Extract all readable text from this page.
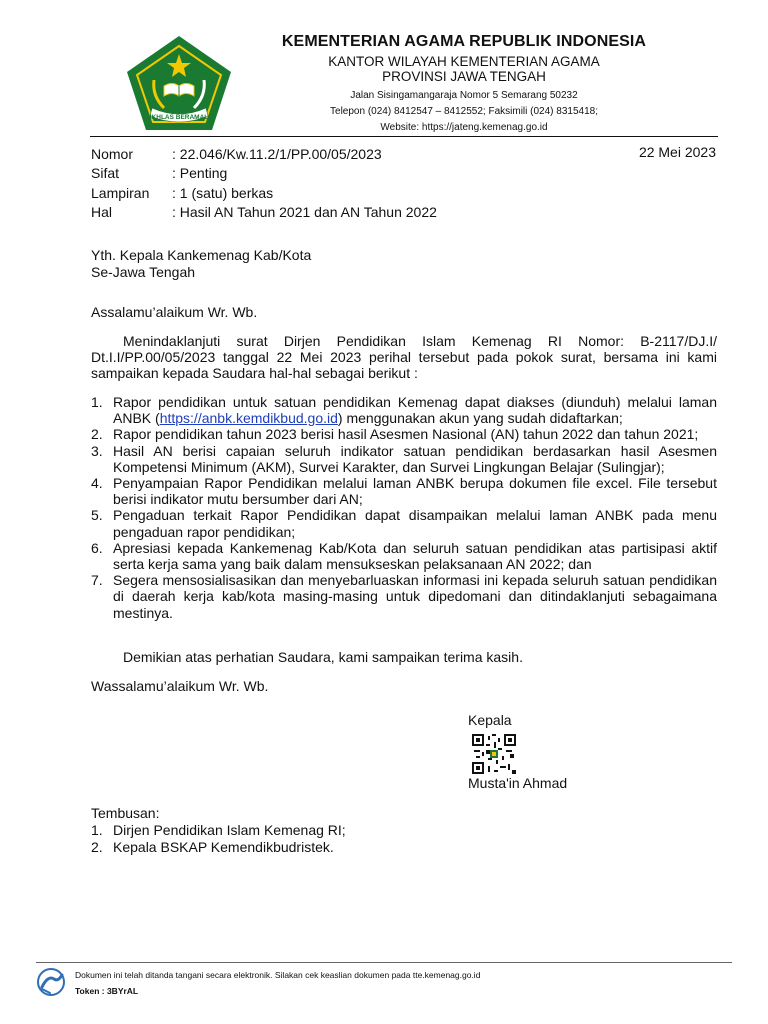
IKHLAS BERAMAL
KEMENTERIAN AGAMA REPUBLIK INDONESIA
KANTOR WILAYAH KEMENTERIAN AGAMA
PROVINSI JAWA TENGAH
Jalan Sisingamangaraja Nomor 5 Semarang 50232
Telepon (024) 8412547 – 8412552; Faksimili (024) 8315418;
Website: https://jateng.kemenag.go.id
Nomor	: 22.046/Kw.11.2/1/PP.00/05/2023
Sifat	: Penting
Lampiran	: 1 (satu) berkas
Hal	: Hasil AN Tahun 2021 dan AN Tahun 2022
22 Mei 2023
Yth. Kepala Kankemenag Kab/Kota
Se-Jawa Tengah
Assalamu’alaikum Wr. Wb.
Menindaklanjuti surat Dirjen Pendidikan Islam Kemenag RI Nomor: B-2117/DJ.I/
Dt.I.I/PP.00/05/2023 tanggal 22 Mei 2023 perihal tersebut pada pokok surat, bersama ini kami sampaikan kepada Saudara hal-hal sebagai berikut :
1. Rapor pendidikan untuk satuan pendidikan Kemenag dapat diakses (diunduh) melalui laman ANBK (https://anbk.kemdikbud.go.id) menggunakan akun yang sudah didaftarkan;
2. Rapor pendidikan tahun 2023 berisi hasil Asesmen Nasional (AN) tahun 2022 dan tahun 2021;
3. Hasil AN berisi capaian seluruh indikator satuan pendidikan berdasarkan hasil Asesmen Kompetensi Minimum (AKM), Survei Karakter, dan Survei Lingkungan Belajar (Sulingjar);
4. Penyampaian Rapor Pendidikan melalui laman ANBK berupa dokumen file excel. File tersebut berisi indikator mutu bersumber dari AN;
5. Pengaduan terkait Rapor Pendidikan dapat disampaikan melalui laman ANBK pada menu pengaduan rapor pendidikan;
6. Apresiasi kepada Kankemenag Kab/Kota dan seluruh satuan pendidikan atas partisipasi aktif serta kerja sama yang baik dalam mensukseskan pelaksanaan AN 2022; dan
7. Segera mensosialisasikan dan menyebarluaskan informasi ini kepada seluruh satuan pendidikan di daerah kerja kab/kota masing-masing untuk dipedomani dan ditindaklanjuti sebagaimana mestinya.
Demikian atas perhatian Saudara, kami sampaikan terima kasih.
Wassalamu’alaikum Wr. Wb.
Kepala
Musta'in Ahmad
Tembusan:
1. Dirjen Pendidikan Islam Kemenag RI;
2. Kepala BSKAP Kemendikbudristek.
Dokumen ini telah ditanda tangani secara elektronik. Silakan cek keaslian dokumen pada tte.kemenag.go.id
Token : 3BYrAL
